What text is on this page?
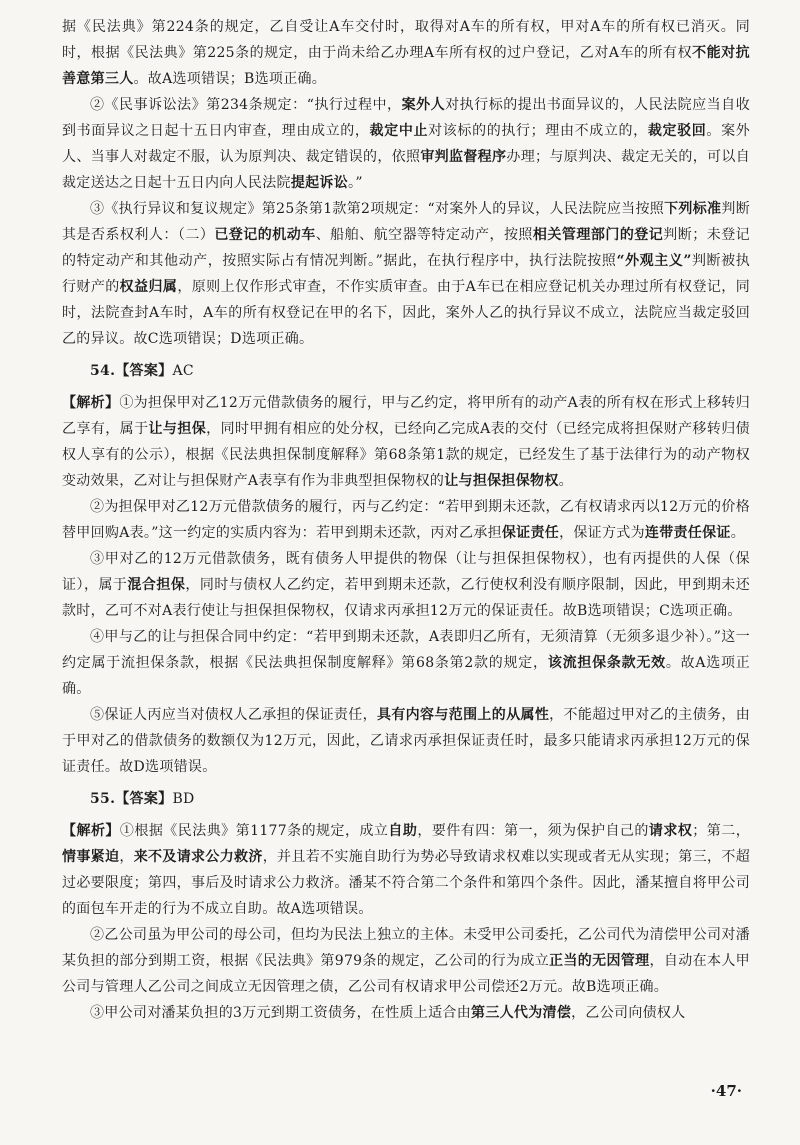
据《民法典》第224条的规定，乙自受让A车交付时，取得对A车的所有权，甲对A车的所有权已消灭。同时，根据《民法典》第225条的规定，由于尚未给乙办理A车所有权的过户登记，乙对A车的所有权不能对抗善意第三人。故A选项错误；B选项正确。

②《民事诉讼法》第234条规定：“执行过程中，案外人对执行标的提出书面异议的，人民法院应当自收到书面异议之日起十五日内审查，理由成立的，裁定中止对该标的的执行；理由不成立的，裁定驳回。案外人、当事人对裁定不服，认为原判决、裁定错误的，依照审判监督程序办理；与原判决、裁定无关的，可以自裁定送达之日起十五日内向人民法院提起诉讼。”

③《执行异议和复议规定》第25条第1款第2项规定：“对案外人的异议，人民法院应当按照下列标准判断其是否系权利人：（二）已登记的机动车、船舶、航空器等特定动产，按照相关管理部门的登记判断；未登记的特定动产和其他动产，按照实际占有情况判断。”据此，在执行程序中，执行法院按照“外观主义”判断被执行财产的权益归属，原则上仅作形式审查，不作实质审查。由于A车已在相应登记机关办理过所有权登记，同时，法院查封A车时，A车的所有权登记在甲的名下，因此，案外人乙的执行异议不成立，法院应当裁定驳回乙的异议。故C选项错误；D选项正确。

54.【答案】AC

【解析】①为担保甲对乙12万元借款债务的履行，甲与乙约定，将甲所有的动产A表的所有权在形式上移转归乙享有，属于让与担保，同时甲拥有相应的处分权，已经向乙完成A表的交付（已经完成将担保财产移转归债权人享有的公示），根据《民法典担保制度解释》第68条第1款的规定，已经发生了基于法律行为的动产物权变动效果，乙对让与担保财产A表享有作为非典型担保物权的让与担保担保物权。

②为担保甲对乙12万元借款债务的履行，丙与乙约定：“若甲到期未还款，乙有权请求丙以12万元的价格替甲回购A表。”这一约定的实质内容为：若甲到期未还款，丙对乙承担保证责任，保证方式为连带责任保证。

③甲对乙的12万元借款债务，既有债务人甲提供的物保（让与担保担保物权），也有丙提供的人保（保证），属于混合担保，同时与债权人乙约定，若甲到期未还款，乙行使权利没有顺序限制，因此，甲到期未还款时，乙可不对A表行使让与担保担保物权，仅请求丙承担12万元的保证责任。故B选项错误；C选项正确。

④甲与乙的让与担保合同中约定：“若甲到期未还款，A表即归乙所有，无须清算（无须多退少补）。”这一约定属于流担保条款，根据《民法典担保制度解释》第68条第2款的规定，该流担保条款无效。故A选项正确。

⑤保证人丙应当对债权人乙承担的保证责任，具有内容与范围上的从属性，不能超过甲对乙的主债务，由于甲对乙的借款债务的数额仅为12万元，因此，乙请求丙承担保证责任时，最多只能请求丙承担12万元的保证责任。故D选项错误。

55.【答案】BD

【解析】①根据《民法典》第1177条的规定，成立自助，要件有四：第一，须为保护自己的请求权；第二，情事紧迫，来不及请求公力救济，并且若不实施自助行为势必导致请求权难以实现或者无从实现；第三，不超过必要限度；第四，事后及时请求公力救济。潘某不符合第二个条件和第四个条件。因此，潘某擅自将甲公司的面包车开走的行为不成立自助。故A选项错误。

②乙公司虽为甲公司的母公司，但均为民法上独立的主体。未受甲公司委托，乙公司代为清偿甲公司对潘某负担的部分到期工资，根据《民法典》第979条的规定，乙公司的行为成立正当的无因管理，自动在本人甲公司与管理人乙公司之间成立无因管理之债，乙公司有权请求甲公司偿还2万元。故B选项正确。

③甲公司对潘某负担的3万元到期工资债务，在性质上适合由第三人代为清偿，乙公司向债权人

·47·
